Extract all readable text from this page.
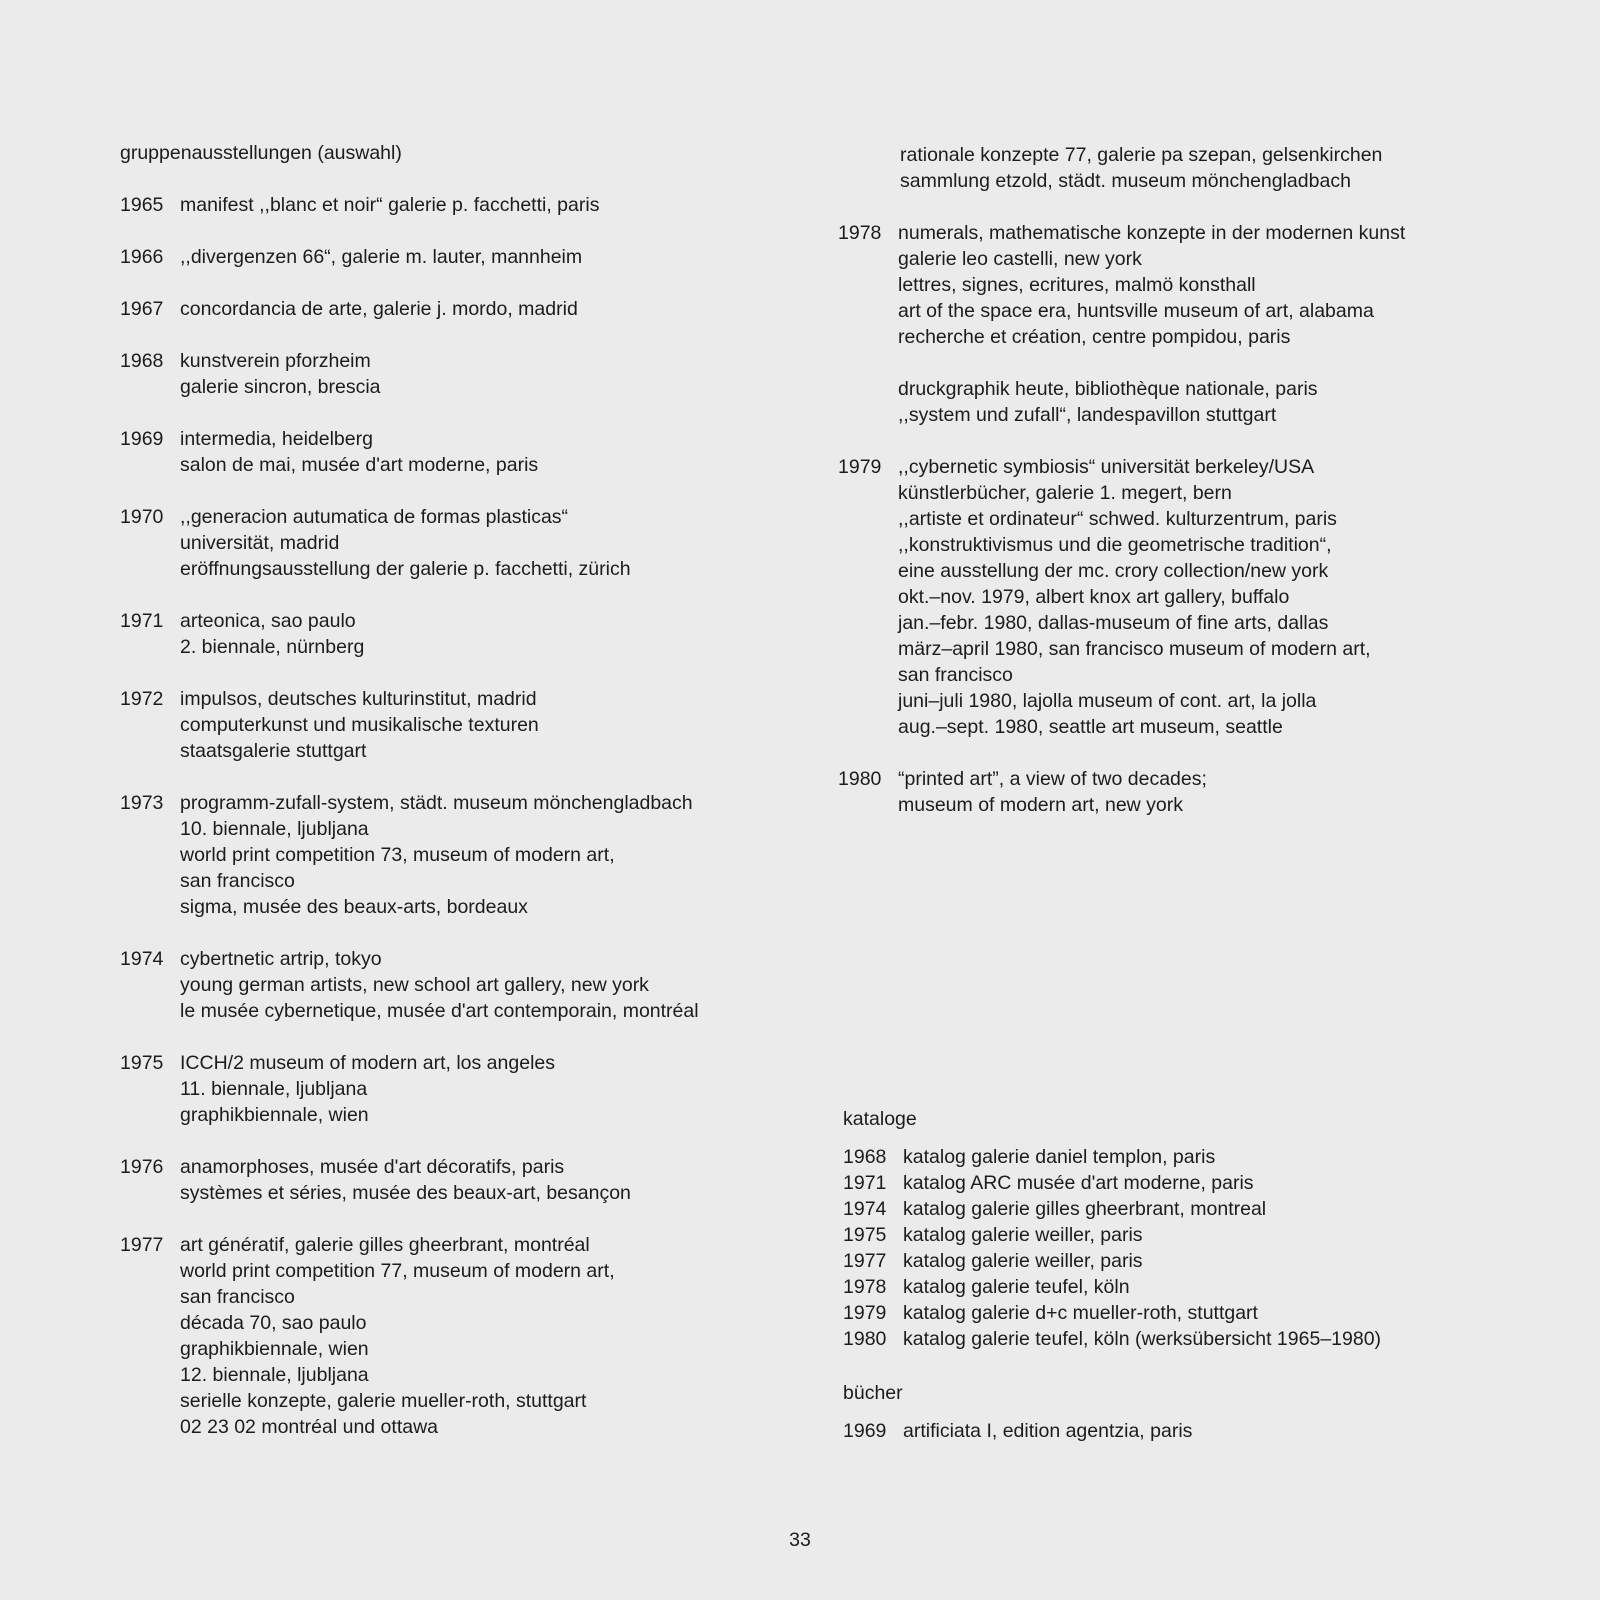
gruppenausstellungen (auswahl)
1965 manifest ,,blanc et noir“ galerie p. facchetti, paris
1966 ,,divergenzen 66“, galerie m. lauter, mannheim
1967 concordancia de arte, galerie j. mordo, madrid
1968 kunstverein pforzheim
galerie sincron, brescia
1969 intermedia, heidelberg
salon de mai, musée d'art moderne, paris
1970 ,,generacion autumatica de formas plasticas“
universität, madrid
eröffnungsausstellung der galerie p. facchetti, zürich
1971 arteonica, sao paulo
2. biennale, nürnberg
1972 impulsos, deutsches kulturinstitut, madrid
computerkunst und musikalische texturen
staatsgalerie stuttgart
1973 programm-zufall-system, städt. museum mönchengladbach
10. biennale, ljubljana
world print competition 73, museum of modern art,
san francisco
sigma, musée des beaux-arts, bordeaux
1974 cybertnetic artrip, tokyo
young german artists, new school art gallery, new york
le musée cybernetique, musée d'art contemporain, montréal
1975 ICCH/2 museum of modern art, los angeles
11. biennale, ljubljana
graphikbiennale, wien
1976 anamorphoses, musée d'art décoratifs, paris
systèmes et séries, musée des beaux-art, besançon
1977 art génératif, galerie gilles gheerbrant, montréal
world print competition 77, museum of modern art,
san francisco
década 70, sao paulo
graphikbiennale, wien
12. biennale, ljubljana
serielle konzepte, galerie mueller-roth, stuttgart
02 23 02 montréal und ottawa
rationale konzepte 77, galerie pa szepan, gelsenkirchen
sammlung etzold, städt. museum mönchengladbach
1978 numerals, mathematische konzepte in der modernen kunst
galerie leo castelli, new york
lettres, signes, ecritures, malmö konsthall
art of the space era, huntsville museum of art, alabama
recherche et création, centre pompidou, paris
druckgraphik heute, bibliothèque nationale, paris
,,system und zufall“, landespavillon stuttgart
1979 ,,cybernetic symbiosis“ universität berkeley/USA
künstlerbücher, galerie 1. megert, bern
,,artiste et ordinateur“ schwed. kulturzentrum, paris
,,konstruktivismus und die geometrische tradition“,
eine ausstellung der mc. crory collection/new york
okt.–nov. 1979, albert knox art gallery, buffalo
jan.–febr. 1980, dallas-museum of fine arts, dallas
märz–april 1980, san francisco museum of modern art,
san francisco
juni–juli 1980, lajolla museum of cont. art, la jolla
aug.–sept. 1980, seattle art museum, seattle
1980 “printed art”, a view of two decades;
museum of modern art, new york
kataloge
1968 katalog galerie daniel templon, paris
1971 katalog ARC musée d'art moderne, paris
1974 katalog galerie gilles gheerbrant, montreal
1975 katalog galerie weiller, paris
1977 katalog galerie weiller, paris
1978 katalog galerie teufel, köln
1979 katalog galerie d+c mueller-roth, stuttgart
1980 katalog galerie teufel, köln (werksübersicht 1965–1980)
bücher
1969 artificiata I, edition agentzia, paris
33
